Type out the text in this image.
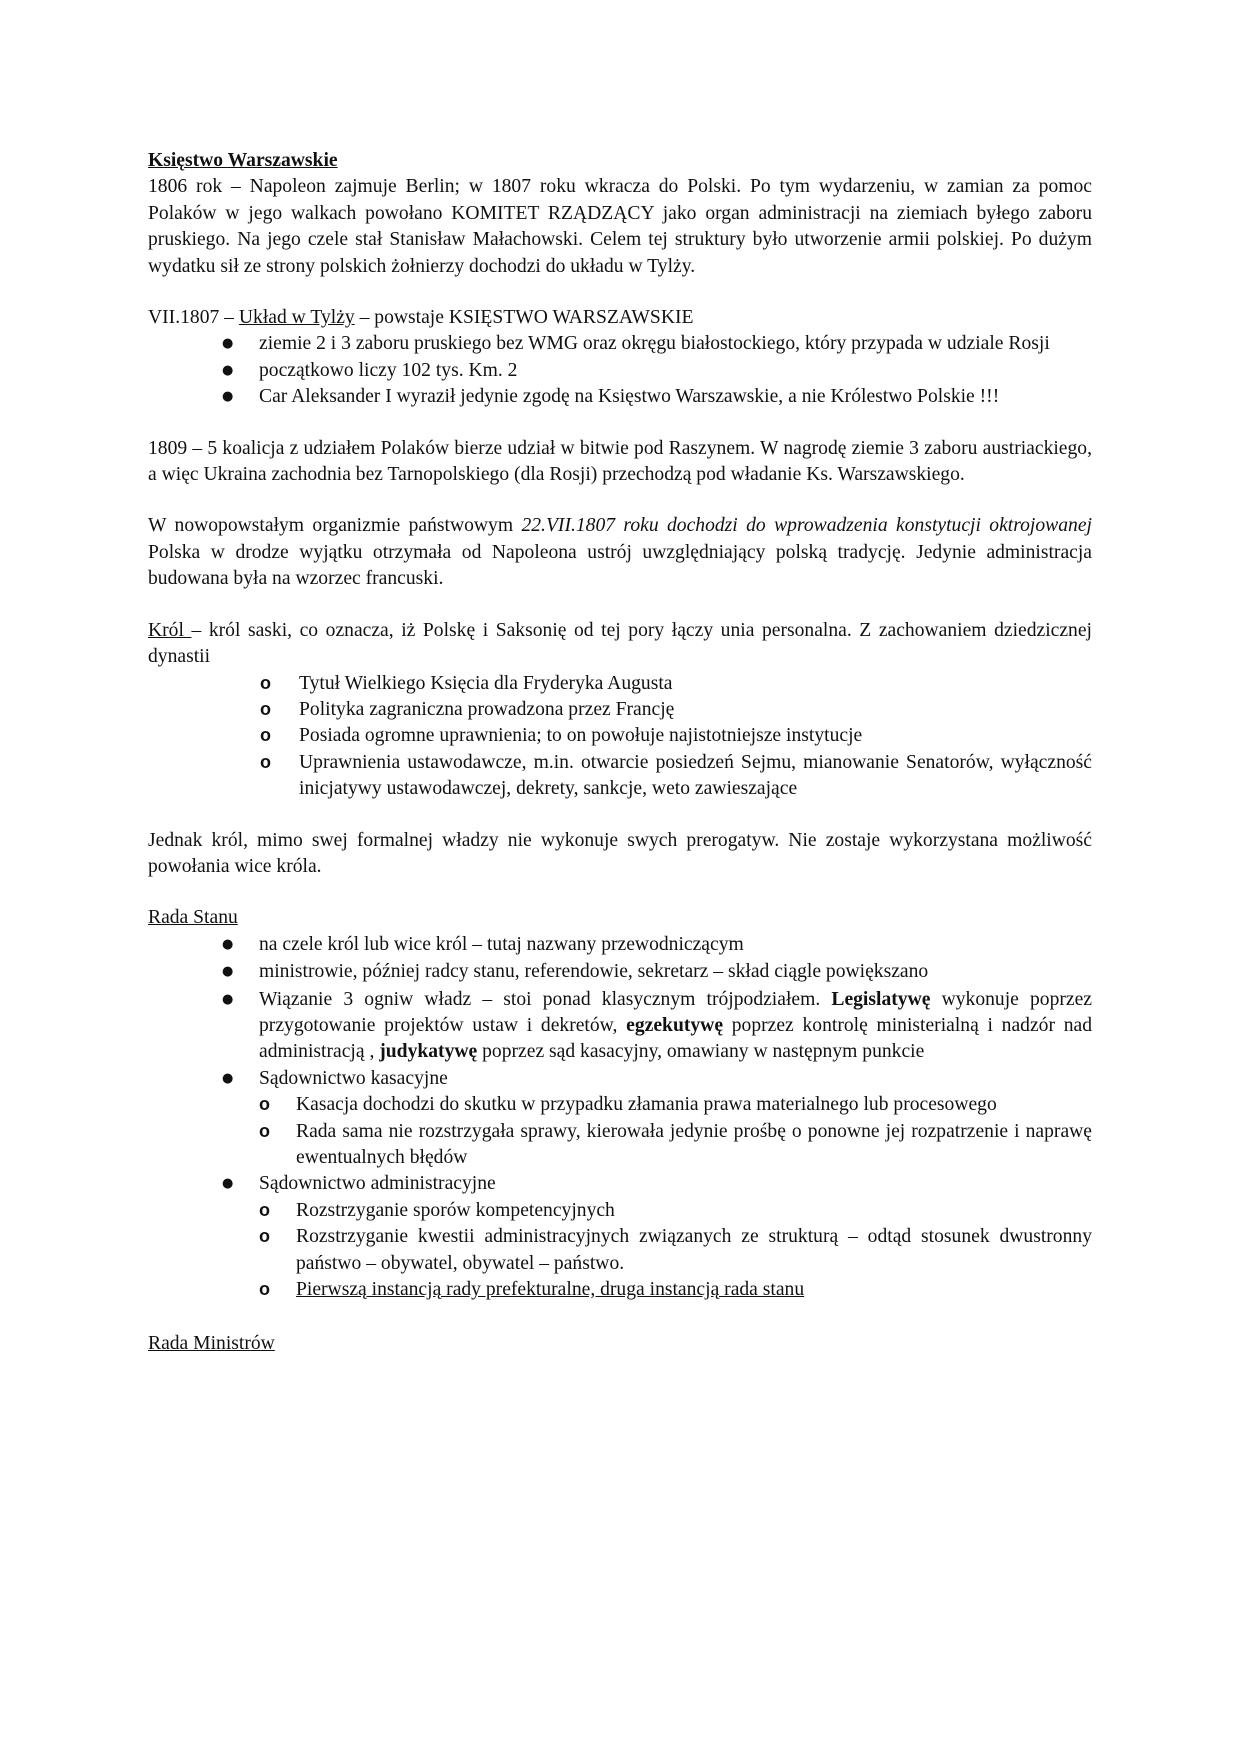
Księstwo Warszawskie

1806 rok – Napoleon zajmuje Berlin; w 1807 roku wkracza do Polski. Po tym wydarzeniu, w zamian za pomoc Polaków w jego walkach powołano KOMITET RZĄDZĄCY jako organ administracji na ziemiach byłego zaboru pruskiego. Na jego czele stał Stanisław Małachowski. Celem tej struktury było utworzenie armii polskiej. Po dużym wydatku sił ze strony polskich żołnierzy dochodzi do układu w Tylży.

VII.1807 – Układ w Tylży – powstaje KSIĘSTWO WARSZAWSKIE

● ziemie 2 i 3 zaboru pruskiego bez WMG oraz okręgu białostockiego, który przypada w udziale Rosji
● początkowo liczy 102 tys. Km. 2
● Car Aleksander I wyraził jedynie zgodę na Księstwo Warszawskie, a nie Królestwo Polskie !!!

1809 – 5 koalicja z udziałem Polaków bierze udział w bitwie pod Raszynem. W nagrodę ziemie 3 zaboru austriackiego, a więc Ukraina zachodnia bez Tarnopolskiego (dla Rosji) przechodzą pod władanie Ks. Warszawskiego.

W nowopowstałym organizmie państwowym 22.VII.1807 roku dochodzi do wprowadzenia konstytucji oktrojowanej Polska w drodze wyjątku otrzymała od Napoleona ustrój uwzględniający polską tradycję. Jedynie administracja budowana była na wzorzec francuski.

Król – król saski, co oznacza, iż Polskę i Saksonię od tej pory łączy unia personalna. Z zachowaniem dziedzicznej dynastii

o Tytuł Wielkiego Księcia dla Fryderyka Augusta
o Polityka zagraniczna prowadzona przez Francję
o Posiada ogromne uprawnienia; to on powołuje najistotniejsze instytucje
o Uprawnienia ustawodawcze, m.in. otwarcie posiedzeń Sejmu, mianowanie Senatorów, wyłączność inicjatywy ustawodawczej, dekrety, sankcje, weto zawieszające

Jednak król, mimo swej formalnej władzy nie wykonuje swych prerogatyw. Nie zostaje wykorzystana możliwość powołania wice króla.

Rada Stanu

● na czele król lub wice król – tutaj nazwany przewodniczącym
● ministrowie, później radcy stanu, referendowie, sekretarz – skład ciągle powiększano
● Wiązanie 3 ogniw władz – stoi ponad klasycznym trójpodziałem. Legislatywę wykonuje poprzez przygotowanie projektów ustaw i dekretów, egzekutywę poprzez kontrolę ministerialną i nadzór nad administracją , judykatywę poprzez sąd kasacyjny, omawiany w następnym punkcie
● Sądownictwo kasacyjne
o Kasacja dochodzi do skutku w przypadku złamania prawa materialnego lub procesowego
o Rada sama nie rozstrzygała sprawy, kierowała jedynie prośbę o ponowne jej rozpatrzenie i naprawę ewentualnych błędów
● Sądownictwo administracyjne
o Rozstrzyganie sporów kompetencyjnych
o Rozstrzyganie kwestii administracyjnych związanych ze strukturą – odtąd stosunek dwustronny państwo – obywatel, obywatel – państwo.
o Pierwszą instancją rady prefekturalne, druga instancją rada stanu

Rada Ministrów
